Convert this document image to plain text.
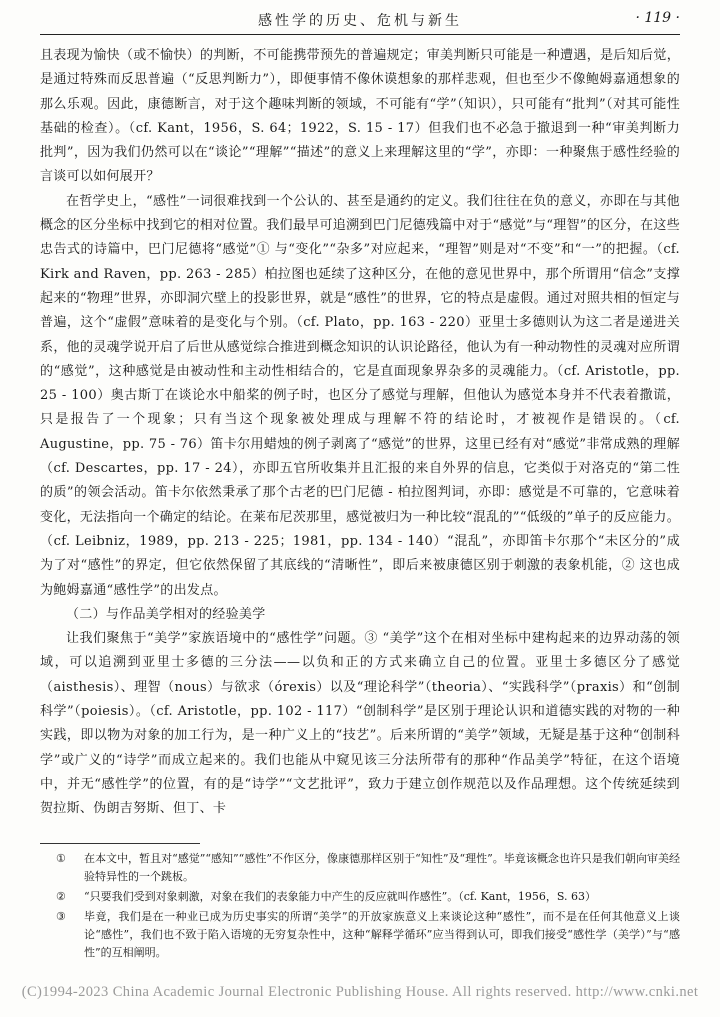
感性学的历史、危机与新生	· 119 ·

且表现为愉快（或不愉快）的判断，不可能携带预先的普遍规定；审美判断只可能是一种遭遇，是后知后觉，是通过特殊而反思普遍（“反思判断力”），即便事情不像休谟想象的那样悲观，但也至少不像鲍姆嘉通想象的那么乐观。因此，康德断言，对于这个趣味判断的领域，不可能有“学”（知识），只可能有“批判”（对其可能性基础的检查）。（cf. Kant，1956，S. 64；1922，S. 15 - 17）但我们也不必急于撤退到一种“审美判断力批判”，因为我们仍然可以在“谈论”“理解”“描述”的意义上来理解这里的“学”，亦即：一种聚焦于感性经验的言谈可以如何展开？

在哲学史上，“感性”一词很难找到一个公认的、甚至是通约的定义。我们往往在负的意义，亦即在与其他概念的区分坐标中找到它的相对位置。我们最早可追溯到巴门尼德残篇中对于“感觉”与“理智”的区分，在这些忠告式的诗篇中，巴门尼德将“感觉”① 与“变化”“杂多”对应起来，“理智”则是对“不变”和“一”的把握。（cf. Kirk and Raven，pp. 263 - 285）柏拉图也延续了这种区分，在他的意见世界中，那个所谓用“信念”支撑起来的“物理”世界，亦即洞穴壁上的投影世界，就是“感性”的世界，它的特点是虚假。通过对照共相的恒定与普遍，这个“虚假”意味着的是变化与个别。（cf. Plato，pp. 163 - 220）亚里士多德则认为这二者是递进关系，他的灵魂学说开启了后世从感觉综合推进到概念知识的认识论路径，他认为有一种动物性的灵魂对应所谓的“感觉”，这种感觉是由被动性和主动性相结合的，它是直面现象界杂多的灵魂能力。（cf. Aristotle，pp. 25 - 100）奥古斯丁在谈论水中船桨的例子时，也区分了感觉与理解，但他认为感觉本身并不代表着撒谎，只是报告了一个现象；只有当这个现象被处理成与理解不符的结论时，才被视作是错误的。（cf. Augustine，pp. 75 - 76）笛卡尔用蜡烛的例子剥离了“感觉”的世界，这里已经有对“感觉”非常成熟的理解（cf. Descartes，pp. 17 - 24），亦即五官所收集并且汇报的来自外界的信息，它类似于对洛克的“第二性的质”的领会活动。笛卡尔依然秉承了那个古老的巴门尼德 - 柏拉图判词，亦即：感觉是不可靠的，它意味着变化，无法指向一个确定的结论。在莱布尼茨那里，感觉被归为一种比较“混乱的”“低级的”单子的反应能力。（cf. Leibniz，1989，pp. 213 - 225；1981，pp. 134 - 140）“混乱”，亦即笛卡尔那个“未区分的”成为了对“感性”的界定，但它依然保留了其底线的“清晰性”，即后来被康德区别于刺激的表象机能，② 这也成为鲍姆嘉通“感性学”的出发点。

（二）与作品美学相对的经验美学

让我们聚焦于“美学”家族语境中的“感性学”问题。③ “美学”这个在相对坐标中建构起来的边界动荡的领域，可以追溯到亚里士多德的三分法——以负和正的方式来确立自己的位置。亚里士多德区分了感觉（aisthesis）、理智（nous）与欲求（órexis）以及“理论科学”（theoria）、“实践科学”（praxis）和“创制科学”（poiesis）。（cf. Aristotle，pp. 102 - 117）“创制科学”是区别于理论认识和道德实践的对物的一种实践，即以物为对象的加工行为，是一种广义上的“技艺”。后来所谓的“美学”领域，无疑是基于这种“创制科学”或广义的“诗学”而成立起来的。我们也能从中窥见该三分法所带有的那种“作品美学”特征，在这个语境中，并无“感性学”的位置，有的是“诗学”“文艺批评”，致力于建立创作规范以及作品理想。这个传统延续到贺拉斯、伪朗吉努斯、但丁、卡

①	在本文中，暂且对“感觉”“感知”“感性”不作区分，像康德那样区别于“知性”及“理性”。毕竟该概念也许只是我们朝向审美经验特异性的一个跳板。
②	“只要我们受到对象刺激，对象在我们的表象能力中产生的反应就叫作感性”。（cf. Kant，1956，S. 63）
③	毕竟，我们是在一种业已成为历史事实的所谓“美学”的开放家族意义上来谈论这种“感性”，而不是在任何其他意义上谈论“感性”，我们也不致于陷入语境的无穷复杂性中，这种“解释学循环”应当得到认可，即我们接受“感性学（美学）”与“感性”的互相阐明。
(C)1994-2023 China Academic Journal Electronic Publishing House. All rights reserved. http://www.cnki.net
